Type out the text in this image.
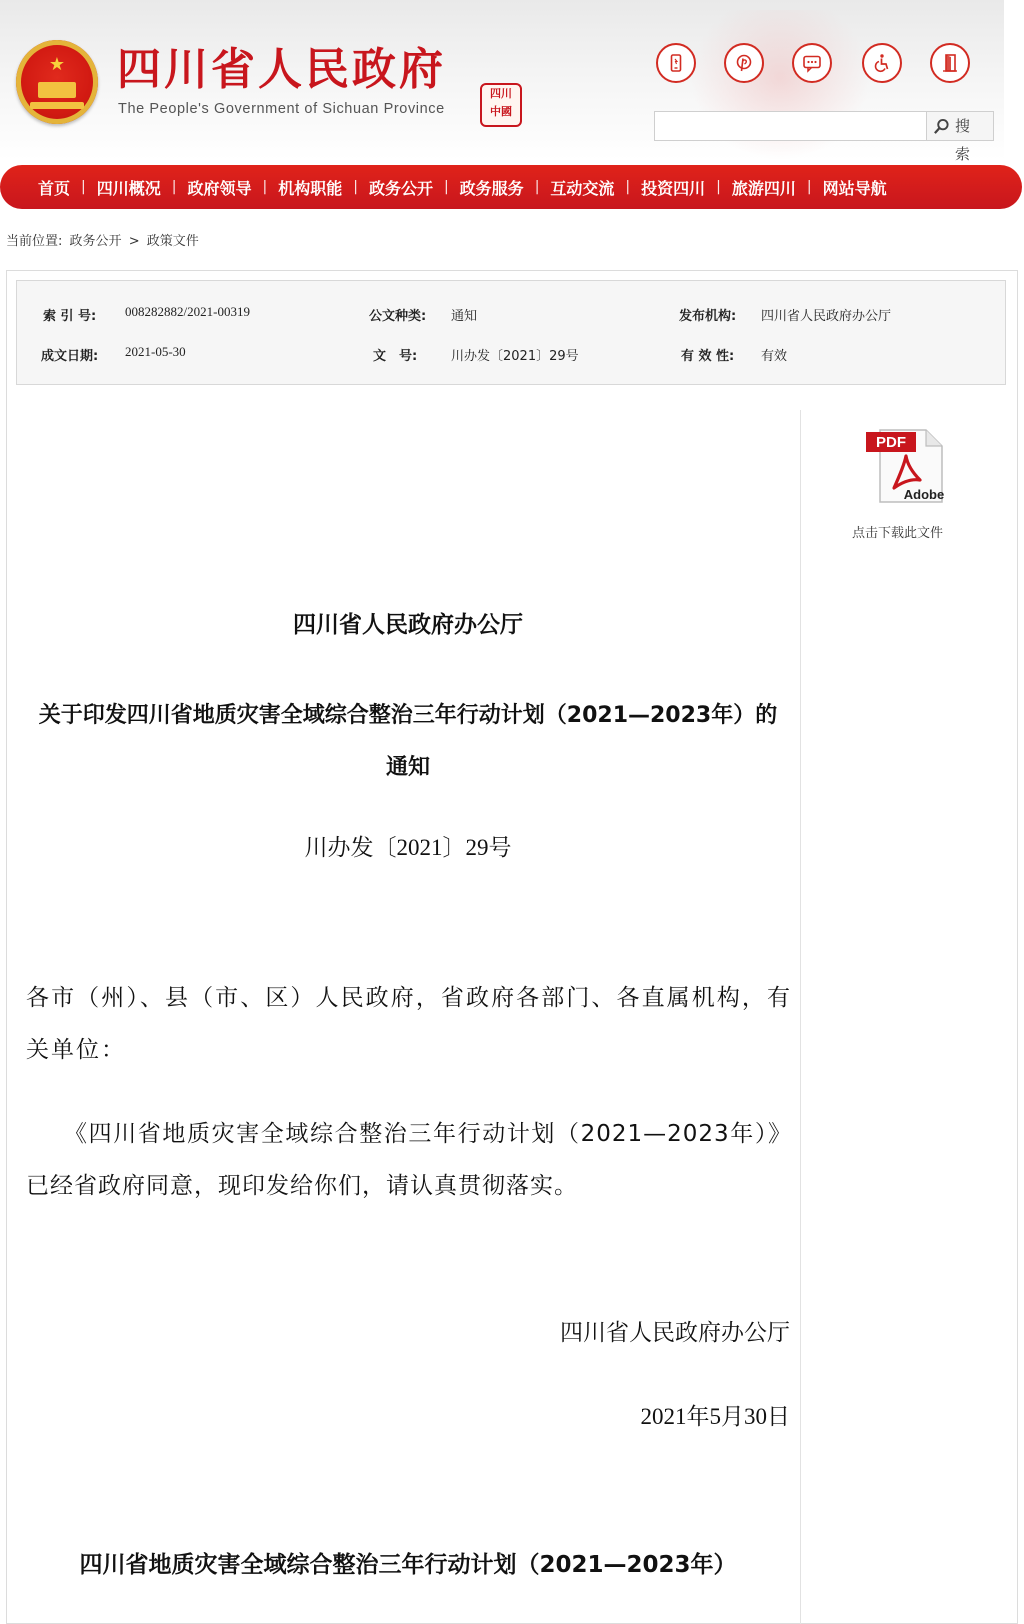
★	四川省人民政府
The People's Government of Sichuan Province
四川
中國
搜 索
首页 | 四川概况 | 政府领导 | 机构职能 | 政务公开 | 政务服务 | 互动交流 | 投资四川 | 旅游四川 | 网站导航
当前位置: 政务公开 > 政策文件
索 引 号: 008282882/2021-00319	公文种类: 通知	发布机构: 四川省人民政府办公厅
成文日期: 2021-05-30	文　号:	川办发〔2021〕29号	有 效 性: 有效
PDF
Adobe
点击下载此文件
四川省人民政府办公厅
关于印发四川省地质灾害全域综合整治三年行动计划（2021—2023年）的通知
川办发〔2021〕29号
各市（州）、县（市、区）人民政府，省政府各部门、各直属机构，有关单位：
《四川省地质灾害全域综合整治三年行动计划（2021—2023年）》已经省政府同意，现印发给你们，请认真贯彻落实。
四川省人民政府办公厅
2021年5月30日
四川省地质灾害全域综合整治三年行动计划（2021—2023年）
